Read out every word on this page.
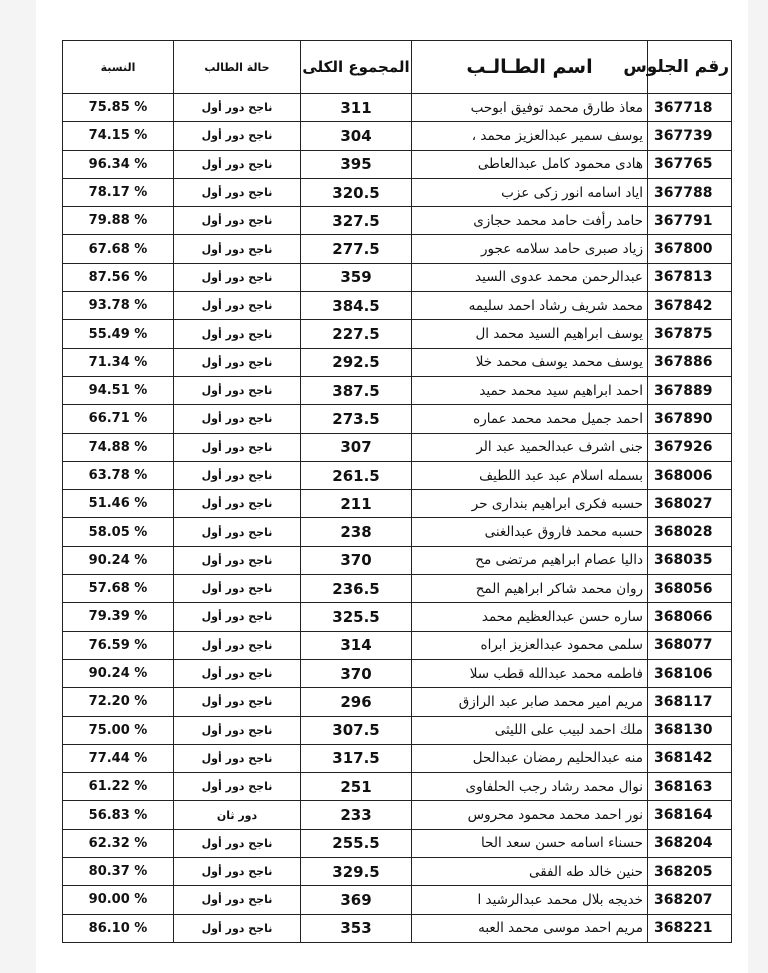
النسبة	حالة الطالب	المجموع الكلى	اسم الطـالـب	رقم الجلوس
75.85 %	ناجح دور أول	311	معاذ طارق محمد توفيق ابوحب	367718
74.15 %	ناجح دور أول	304	يوسف سمير عبدالعزيز محمد ،	367739
96.34 %	ناجح دور أول	395	هادى محمود كامل عبدالعاطى	367765
78.17 %	ناجح دور أول	320.5	اياد اسامه انور زكى عزب	367788
79.88 %	ناجح دور أول	327.5	حامد رأفت حامد محمد حجازى	367791
67.68 %	ناجح دور أول	277.5	زياد صبرى حامد سلامه عجور	367800
87.56 %	ناجح دور أول	359	عبدالرحمن محمد عدوى السيد	367813
93.78 %	ناجح دور أول	384.5	محمد شريف رشاد احمد سليمه	367842
55.49 %	ناجح دور أول	227.5	يوسف ابراهيم السيد محمد ال	367875
71.34 %	ناجح دور أول	292.5	يوسف محمد يوسف محمد خلا	367886
94.51 %	ناجح دور أول	387.5	احمد ابراهيم سيد محمد حميد	367889
66.71 %	ناجح دور أول	273.5	احمد جميل محمد محمد عماره	367890
74.88 %	ناجح دور أول	307	جنى اشرف عبدالحميد عبد الر	367926
63.78 %	ناجح دور أول	261.5	بسمله اسلام عبد عبد اللطيف	368006
51.46 %	ناجح دور أول	211	حسبه فكرى ابراهيم بندارى حر	368027
58.05 %	ناجح دور أول	238	حسبه محمد فاروق عبدالغنى	368028
90.24 %	ناجح دور أول	370	داليا عصام ابراهيم مرتضى مح	368035
57.68 %	ناجح دور أول	236.5	روان محمد شاكر ابراهيم المح	368056
79.39 %	ناجح دور أول	325.5	ساره حسن عبدالعظيم محمد	368066
76.59 %	ناجح دور أول	314	سلمى محمود عبدالعزيز ابراه	368077
90.24 %	ناجح دور أول	370	فاطمه محمد عبدالله قطب سلا	368106
72.20 %	ناجح دور أول	296	مريم امير محمد صابر عبد الرازق	368117
75.00 %	ناجح دور أول	307.5	ملك احمد لبيب على الليثى	368130
77.44 %	ناجح دور أول	317.5	منه عبدالحليم رمضان عبدالحل	368142
61.22 %	ناجح دور أول	251	نوال محمد رشاد رجب الحلفاوى	368163
56.83 %	دور ثان	233	نور احمد محمد محمود محروس	368164
62.32 %	ناجح دور أول	255.5	حسناء اسامه حسن سعد الحا	368204
80.37 %	ناجح دور أول	329.5	حنين خالد طه الفقى	368205
90.00 %	ناجح دور أول	369	خديجه بلال محمد عبدالرشيد ا	368207
86.10 %	ناجح دور أول	353	مريم احمد موسى محمد العبه	368221
